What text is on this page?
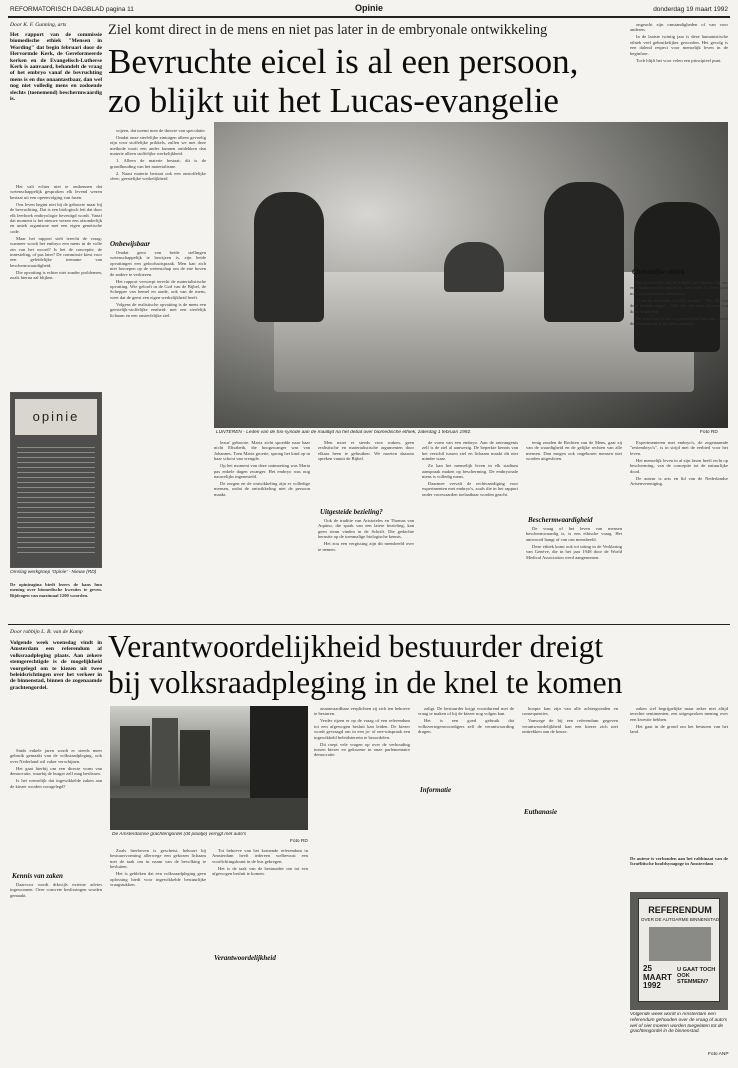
REFORMATORISCH DAGBLAD pagina 11	Opinie	donderdag 19 maart 1992
Door K. F. Gunning, arts
Het rapport van de commissie biomedische ethiek "Mensen in Wording" dat begin februari door de Hervormde Kerk, de Gereformeerde kerken en de Evangelisch-Lutherse Kerk is aanvaard, behandelt de vraag of het embryo vanaf de bevruchting mens is en dus onaantastbaar, dan wel nog niet volledig mens en zodoende slechts (toenemend) beschermwaardig is.

Het valt echter niet te ontkennen dat wetenschappelijk gesproken elk levend wezen bestaat uit een opeenvolging van fasen.

Ons leven begint niet bij de geboorte maar bij de bevruchting. Dat is een biologisch feit dat door elk leerboek embryologie bevestigd wordt. Vanaf dat moment is het nieuwe wezen een afzonderlijk en uniek organisme met een eigen genetische code.

Maar het rapport stelt terecht de vraag: wanneer wordt het embryo een mens in de volle zin van het woord? Is het de conceptie, de innesteling, of pas later? De commissie kiest voor een geleidelijke toename van beschermwaardigheid.

Die opvatting is echter niet zonder problemen, zoals hierna zal blijken.

opinie
Omslag werkgroep 'Opinie' - Nieuw (RD)
De opinieagina biedt lezers de kans hun mening over biomedische kwesties te geven. Bijdragen van maximaal 1200 woorden.
Ziel komt direct in de mens en niet pas later in de embryonale ontwikkeling
Bevruchte eicel is al een persoon,
zo blijkt uit het Lucas-evangelie

wijzen, dat noemt men de theorie van speculatie.

Omdat onze sterfelijke zintuigen alleen gevoelig zijn voor stoffelijke prikkels, zullen we met deze methode nooit een ander kunnen ontdekken dan materie alleen stoffelijke werkelijkheid.

1. Alleen de materie bestaat; dit is de grondhouding van het materialisme.

2. Naast materie bestaat ook een onstoffelijke sfeer; geestelijke werkelijkheid.

Onbewijsbaar

Omdat geen van beide stellingen wetenschappelijk te bewijzen is, zijn beide opvattingen een geloofsuitspraak. Men kan zich niet beroepen op de wetenschap om de ene boven de andere te verkiezen.

Het rapport verwerpt terecht de materialistische opvatting. Wie gelooft in de God van de Bijbel, de Schepper van hemel en aarde, ook van de mens, weet dat de geest een eigen werkelijkheid heeft.

Volgens de realistische opvatting is de mens een geestelijk-stoffelijke eenheid: met een sterfelijk lichaam en een onsterfelijke ziel.

LUNTEREN - Leden van de trio-synode aan de maaltijd na het debat over biomedische ethiek, zaterdag 1 februari 1992.	Foto RD

lezus' geboorte. Maria zicht spoedde naar haar nicht Elisabeth, die hoogzwanger was van Johannes. Toen Maria groette, sprong het kind op in haar schoot van vreugde.

Op het moment van deze ontmoeting was Maria pas enkele dagen zwanger. Het embryo was nog nauwelijks ingenesteld.

De zorgen en de ontwikkeling zijn er volledige mensen, zodat de ontwikkeling niet de persoon maakt.

Men moet er steeds voor waken, geen realistische en materialistische argumenten door elkaar heen te gebruiken. We moeten daarom spreken vanuit de Bijbel.

Uitgesteide bezieling?

Ook de traditie van Aristoteles en Thomas van Aquino, die sprak van een latere bezieling, kan geen steun vinden in de Schrift. Die gedachte berustte op de toenmalige biologische kennis.

Het zou een vergissing zijn dit mensbeeld over te nemen.

de vorm van een embryo. Aan de ontvangenis zelf is de ziel al aanwezig. De beperkte kennis van het verschil tussen ziel en lichaam maakt dit niet minder waar.

Zo kan het menselijk leven in elk stadium aanspraak maken op bescherming. De embryonale mens is volledig mens.

Daarmee vervalt de rechtvaardiging voor experimenten met embryo's, zoals die in het rapport onder voorwaarden toelaatbaar worden geacht.

tenig zouden de Rechten van de Mens, gaat zij van de waardigheid en de gelijke rechten van alle mensen. Dan mogen ook ongeboren mensen niet worden uitgesloten.

Beschermwaardigheid

De vraag of het leven van mensen beschermwaardig is, is een ethische vraag. Het antwoord hangt af van ons mensbeeld.

Deze ethiek komt ook tot uiting in de Verklaring van Genève, die in het jaar 1948 door de World Medical Association werd aangenomen.

ongeacht zijn omstandigheden of van voor anderen.

In de laatste twintig jaar is deze humanistische ethiek veel gebruikelijker geworden. Het gevolg is een dalend respect voor menselijk leven in de beginfase.

Toch blijft het voor velen een principieel punt.

Christelijke ethiek

Het is duidelijk dat de ethiek van Christus bij ons een fundamenteel andere is, dan hand in hand gaat met de realistische mensvisie.

"Laat de kinderen tot Mij komen." Wie dit van deze kleinen ergert... Wie één van deze kleinen zou doen struikelen.

De conclusie is dat er geen twijfel kan zijn: vanaf de bevruchting is de mens persoon.

Experimenteren met embryo's, de zogenaamde "restembryo's", is in strijd met de eerbied voor het leven.

Het menselijk leven in al zijn fasen heeft recht op bescherming, van de conceptie tot de natuurlijke dood.

De auteur is arts en lid van de Nederlandse Artsenvereniging.

Door rabbijn L. B. van de Kamp
Volgende week woensdag vindt in Amsterdam een referendum af volksraadpleging plaats. Aan zekere stemgerechtigde is de mogelijkheid voorgelegd om te kiezen uit twee beleidsrichtingen over het verkeer in de binnenstad, binnen de zogenaamde grachtengordel.

Sinds enkele jaren wordt er steeds meer gebruik gemaakt van de volksraadpleging, ook over Nederland wil vaker verschijnen.

Het gaat hierbij om een directe vorm van democratie, waarbij de burger zelf mag beslissen.

Is het wenselijk dat ingewikkelde zaken aan de kiezer worden voorgelegd?

Kennis van zaken

Daarvoor wordt dikwijls externe advies ingewonnen. Over concrete beslissingen worden gemaakt.

Verantwoordelijkheid bestuurder dreigt
bij volksraadpleging in de knel te komen
De Amsterdamse grachtengordel (dit plaatje) verrijgt mét auto's
Foto RD

Zoals hierboven is geschetst, behoort bij bestuursvorming allerwege een gekozen lichaam met de taak om in naam van de bevolking te besluiten.

Het is gebleken dat een volksraadpleging geen oplossing biedt voor ingewikkelde bestuurlijke vraagstukken.

Tot behoeve van het komende referendum in Amsterdam heeft iedereen welbewust een voorlichtingskrant in de bus gekregen.

Het is de taak van de bestuurder om tot een afgewogen besluit te komen.

Verantwoordelijkheid

onaanvaardbaar verplichten zij zich ten behoeve te besturen.

Verder rijzen er op de vraag of een referendum tot een afgewogen besluit kan leiden. De kiezer wordt gevraagd om in een ja- of nee-uitspraak een ingewikkeld beleidsterrein te beoordelen.

Dit roept vele vragen op over de verhouding tussen kiezer en gekozene in onze parlementaire democratie.

zaligt. De bestuurder krijgt voortdurend met de vraag te maken of hij de kiezer nog volgen kan.

Het is een goed gebruik dat volksvertegenwoordigers zelf de verantwoording dragen.

Informatie

hoopte kan zijn van alle achtergronden en consequenties.

Vanwege de bij een referendum gegeven verantwoordelijkheid kan een kiezer zich niet onttrekken aan de keuze.

Euthanasie

zaken wel begrijpelijke maar zeker niet altijd terechte sentimenten, een uitgesproken mening over een kwestie hebben.

Het gaat in de grond om het besturen van het land.

De auteur is verbonden aan het rabbinaat van de Israëlitische hoofdsynagoge in Amsterdam
REFERENDUM
OVER DE AUTOARME BINNENSTAD
25 MAART 1992
U GAAT TOCH OOK STEMMEN?
Volgende week wordt in Amsterdam een referendum gehouden over de vraag of auto's wel of niet moeten worden toegelaten tot de grachtengordel in de binnenstad.
Foto ANP
